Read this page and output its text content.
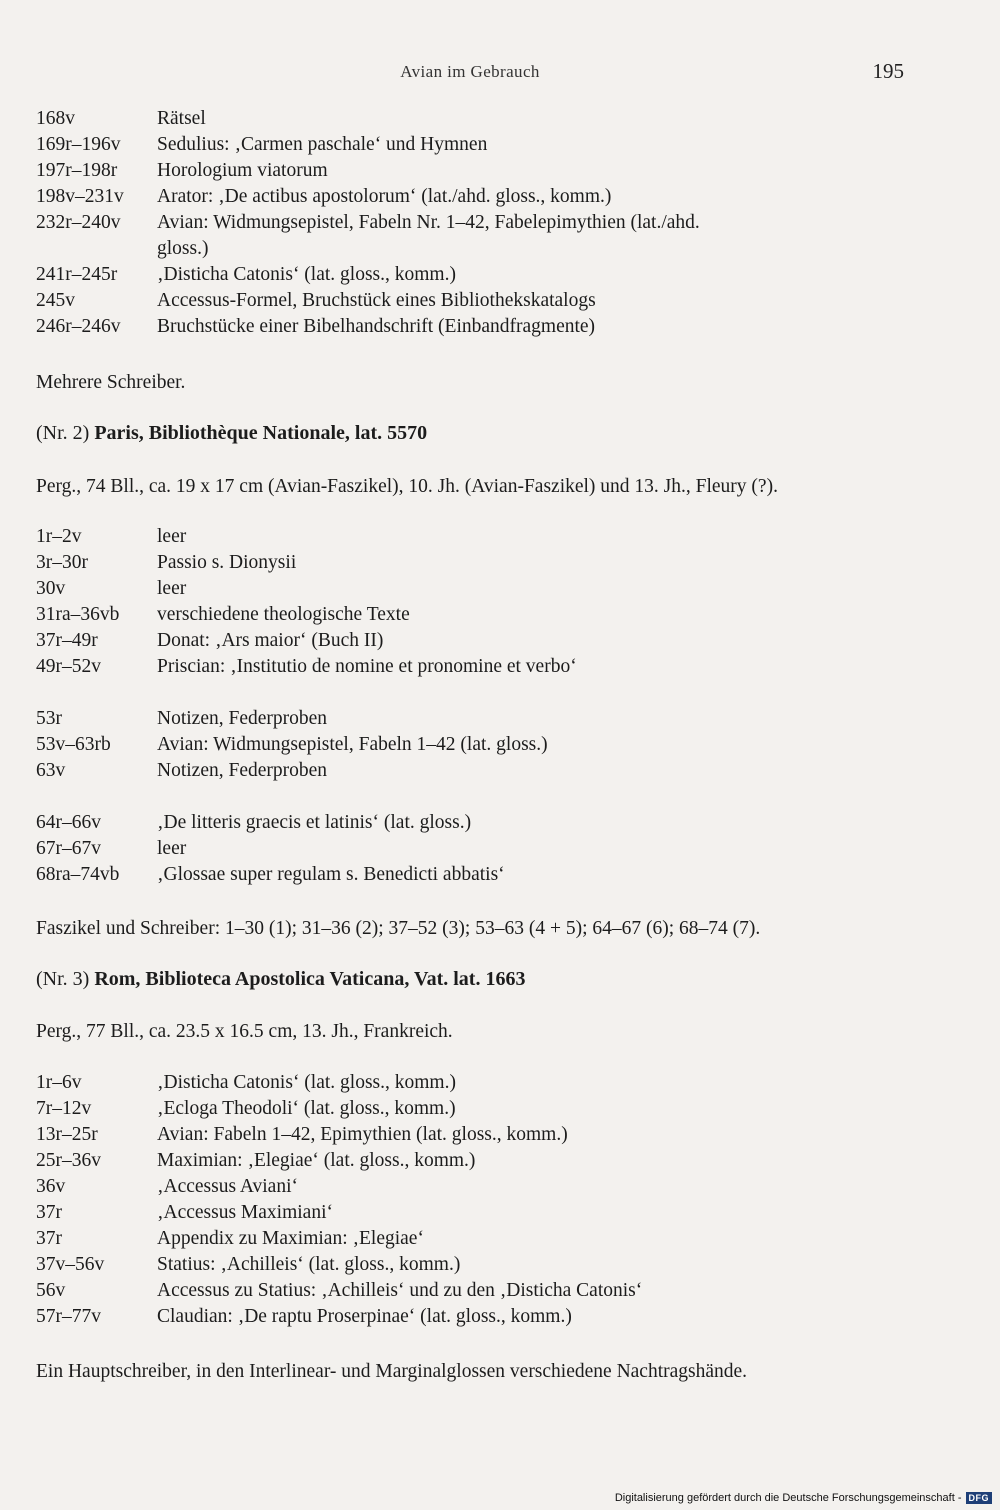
Avian im Gebrauch	195
168v	Rätsel
169r–196v	Sedulius: ‚Carmen paschale‘ und Hymnen
197r–198r	Horologium viatorum
198v–231v	Arator: ‚De actibus apostolorum‘ (lat./ahd. gloss., komm.)
232r–240v	Avian: Widmungsepistel, Fabeln Nr. 1–42, Fabelepimythien (lat./ahd.
gloss.)
241r–245r	‚Disticha Catonis‘ (lat. gloss., komm.)
245v	Accessus-Formel, Bruchstück eines Bibliothekskatalogs
246r–246v	Bruchstücke einer Bibelhandschrift (Einbandfragmente)
Mehrere Schreiber.
(Nr. 2) Paris, Bibliothèque Nationale, lat. 5570
Perg., 74 Bll., ca. 19 x 17 cm (Avian-Faszikel), 10. Jh. (Avian-Faszikel) und 13. Jh., Fleury (?).
1r–2v	leer
3r–30r	Passio s. Dionysii
30v	leer
31ra–36vb	verschiedene theologische Texte
37r–49r	Donat: ‚Ars maior‘ (Buch II)
49r–52v	Priscian: ‚Institutio de nomine et pronomine et verbo‘
53r	Notizen, Federproben
53v–63rb	Avian: Widmungsepistel, Fabeln 1–42 (lat. gloss.)
63v	Notizen, Federproben
64r–66v	‚De litteris graecis et latinis‘ (lat. gloss.)
67r–67v	leer
68ra–74vb	‚Glossae super regulam s. Benedicti abbatis‘
Faszikel und Schreiber: 1–30 (1); 31–36 (2); 37–52 (3); 53–63 (4 + 5); 64–67 (6); 68–74 (7).
(Nr. 3) Rom, Biblioteca Apostolica Vaticana, Vat. lat. 1663
Perg., 77 Bll., ca. 23.5 x 16.5 cm, 13. Jh., Frankreich.
1r–6v	‚Disticha Catonis‘ (lat. gloss., komm.)
7r–12v	‚Ecloga Theodoli‘ (lat. gloss., komm.)
13r–25r	Avian: Fabeln 1–42, Epimythien (lat. gloss., komm.)
25r–36v	Maximian: ‚Elegiae‘ (lat. gloss., komm.)
36v	‚Accessus Aviani‘
37r	‚Accessus Maximiani‘
37r	Appendix zu Maximian: ‚Elegiae‘
37v–56v	Statius: ‚Achilleis‘ (lat. gloss., komm.)
56v	Accessus zu Statius: ‚Achilleis‘ und zu den ‚Disticha Catonis‘
57r–77v	Claudian: ‚De raptu Proserpinae‘ (lat. gloss., komm.)
Ein Hauptschreiber, in den Interlinear- und Marginalglossen verschiedene Nachtragshände.
Digitalisierung gefördert durch die Deutsche Forschungsgemeinschaft - DFG
